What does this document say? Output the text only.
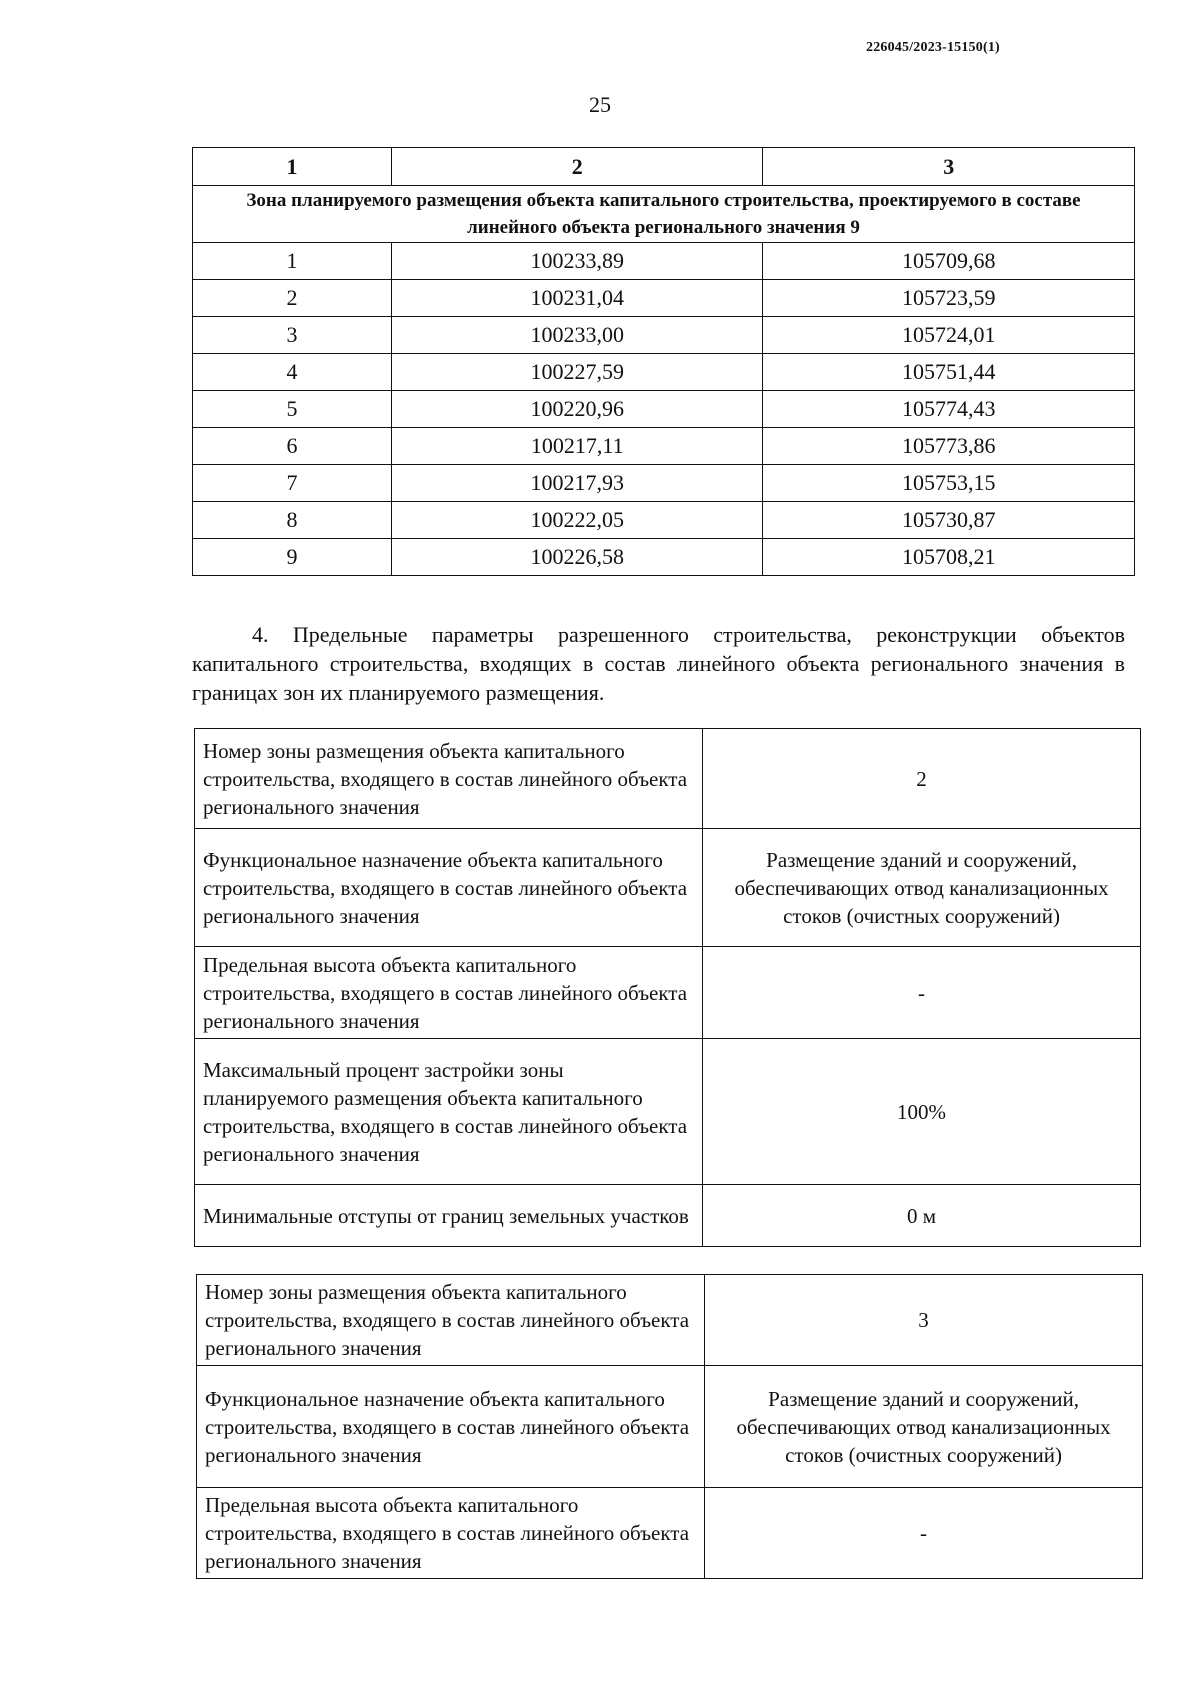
226045/2023-15150(1)
25
1	2	3
Зона планируемого размещения объекта капитального строительства, проектируемого в составе линейного объекта регионального значения 9		
1	100233,89	105709,68
2	100231,04	105723,59
3	100233,00	105724,01
4	100227,59	105751,44
5	100220,96	105774,43
6	100217,11	105773,86
7	100217,93	105753,15
8	100222,05	105730,87
9	100226,58	105708,21
4. Предельные параметры разрешенного строительства, реконструкции объектов капитального строительства, входящих в состав линейного объекта регионального значения в границах зон их планируемого размещения.
Номер зоны размещения объекта капитального строительства, входящего в состав линейного объекта регионального значения	2
Функциональное назначение объекта капитального строительства, входящего в состав линейного объекта регионального значения	Размещение зданий и сооружений, обеспечивающих отвод канализационных стоков (очистных сооружений)
Предельная высота объекта капитального строительства, входящего в состав линейного объекта регионального значения	-
Максимальный процент застройки зоны планируемого размещения объекта капитального строительства, входящего в состав линейного объекта регионального значения	100%
Минимальные отступы от границ земельных участков	0 м
Номер зоны размещения объекта капитального строительства, входящего в состав линейного объекта регионального значения	3
Функциональное назначение объекта капитального строительства, входящего в состав линейного объекта регионального значения	Размещение зданий и сооружений, обеспечивающих отвод канализационных стоков (очистных сооружений)
Предельная высота объекта капитального строительства, входящего в состав линейного объекта регионального значения	-
